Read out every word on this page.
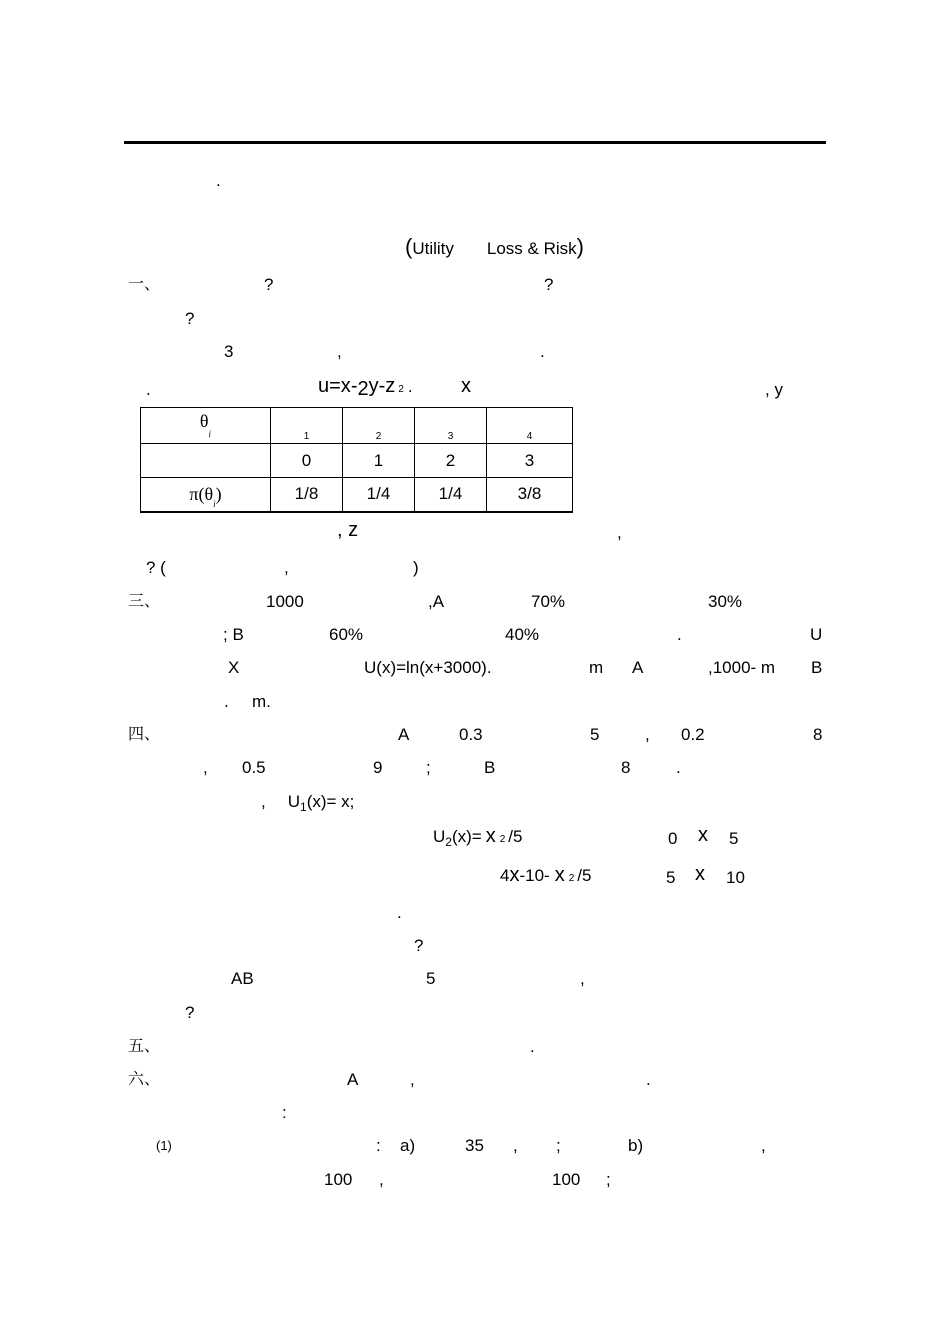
.
(Utility Loss & Risk)
一、	?	?
?
3	,	.
.	u=x-2y-z 2 . x	, y
$\theta_i$	$_1$	$_2$	$_3$	$_4$
	0	1	2	3
$\pi(\theta_i)$	1/8	1/4	1/4	3/8
, z	,
? (	,	)
三、	1000	,A	70%	30%
; B	60%	40%	.	U
X	U(x)=ln(x+3000).	m A	,1000- m B
. m.
四、	A	0.3	5	, 0.2	8
, 0.5	9	;	B	8	.
, $U_1(x)= x$;
$U_2(x)= x$ 2 /5	0 x 5
4x-10- x 2 /5	5 x 10
.
?
AB	5	,
?
五、	.
六、	A	,	.
:
(1)	: a)	35 , ;	b)	,
100 ,	100 ;
